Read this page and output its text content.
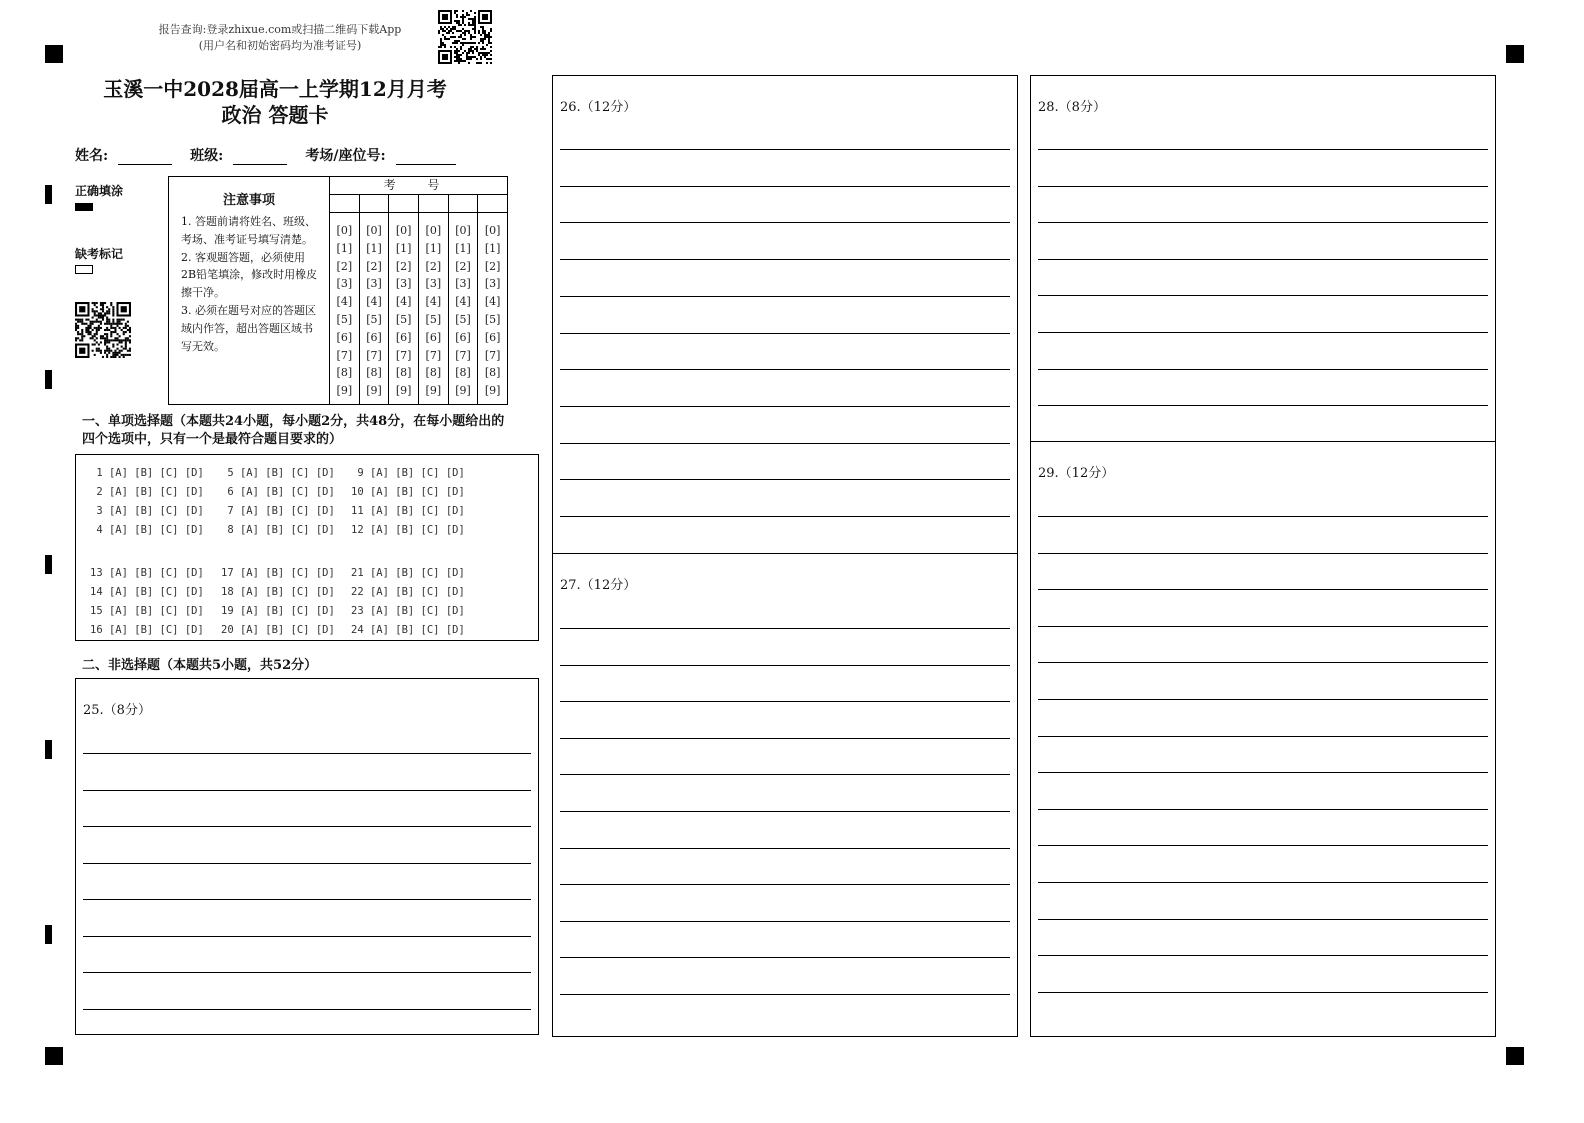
报告查询:登录zhixue.com或扫描二维码下载App
(用户名和初始密码均为准考证号)
玉溪一中2028届高一上学期12月月考
政治 答题卡
姓名:	班级:	考场/座位号:
正确填涂
缺考标记
注意事项
1. 答题前请将姓名、班级、考场、准考证号填写清楚。
2. 客观题答题，必须使用2B铅笔填涂，修改时用橡皮擦干净。
3. 必须在题号对应的答题区域内作答，超出答题区域书写无效。
考 号
[0]
[1]
[2]
[3]
[4]
[5]
[6]
[7]
[8]
[9]
[0]
[1]
[2]
[3]
[4]
[5]
[6]
[7]
[8]
[9]
[0]
[1]
[2]
[3]
[4]
[5]
[6]
[7]
[8]
[9]
[0]
[1]
[2]
[3]
[4]
[5]
[6]
[7]
[8]
[9]
[0]
[1]
[2]
[3]
[4]
[5]
[6]
[7]
[8]
[9]
[0]
[1]
[2]
[3]
[4]
[5]
[6]
[7]
[8]
[9]
一、单项选择题（本题共24小题，每小题2分，共48分，在每小题给出的
四个选项中，只有一个是最符合题目要求的）
1 [A] [B] [C] [D]
2 [A] [B] [C] [D]
3 [A] [B] [C] [D]
4 [A] [B] [C] [D]
5 [A] [B] [C] [D]
6 [A] [B] [C] [D]
7 [A] [B] [C] [D]
8 [A] [B] [C] [D]
9 [A] [B] [C] [D]
10 [A] [B] [C] [D]
11 [A] [B] [C] [D]
12 [A] [B] [C] [D]
13 [A] [B] [C] [D]
14 [A] [B] [C] [D]
15 [A] [B] [C] [D]
16 [A] [B] [C] [D]
17 [A] [B] [C] [D]
18 [A] [B] [C] [D]
19 [A] [B] [C] [D]
20 [A] [B] [C] [D]
21 [A] [B] [C] [D]
22 [A] [B] [C] [D]
23 [A] [B] [C] [D]
24 [A] [B] [C] [D]
二、非选择题（本题共5小题，共52分）
25.（8分）
26.（12分）
27.（12分）
28.（8分）
29.（12分）
